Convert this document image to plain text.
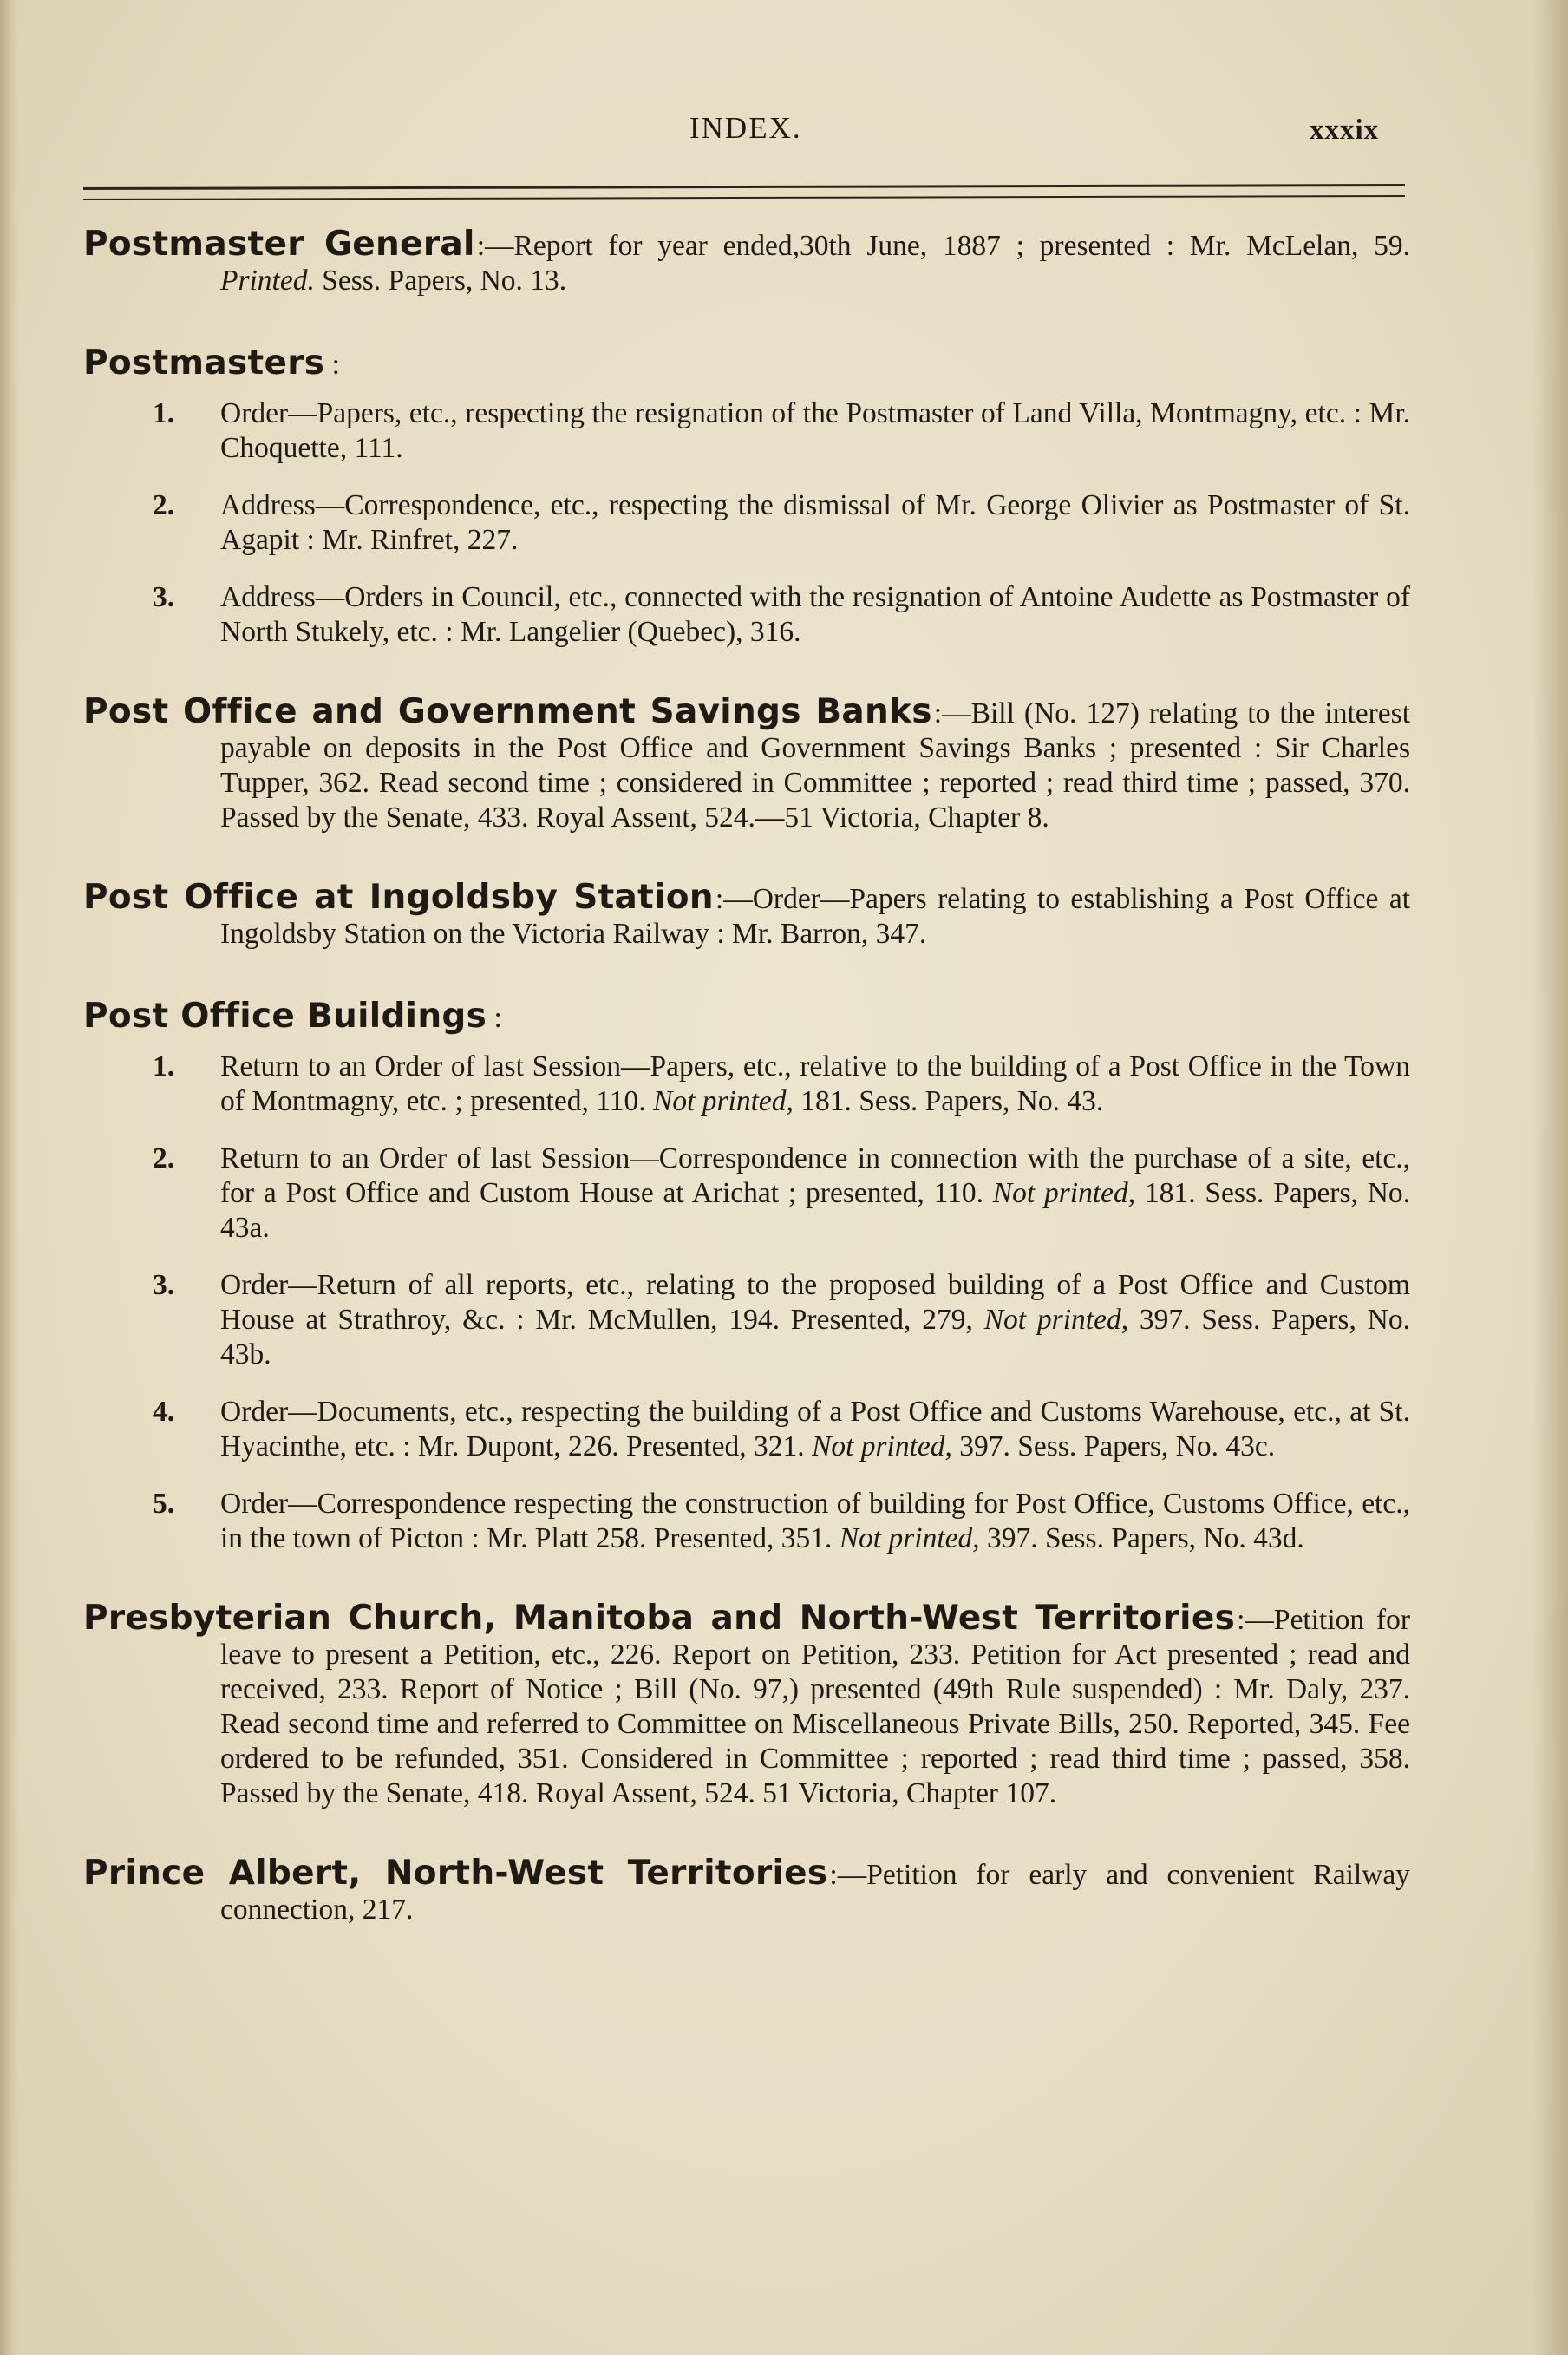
INDEX.	xxxix

Postmaster General:—Report for year ended,30th June, 1887 ; presented : Mr. McLelan, 59. Printed. Sess. Papers, No. 13.

Postmasters :
1. Order—Papers, etc., respecting the resignation of the Postmaster of Land Villa, Montmagny, etc. : Mr. Choquette, 111.
2. Address—Correspondence, etc., respecting the dismissal of Mr. George Olivier as Postmaster of St. Agapit : Mr. Rinfret, 227.
3. Address—Orders in Council, etc., connected with the resignation of Antoine Audette as Postmaster of North Stukely, etc. : Mr. Langelier (Quebec), 316.

Post Office and Government Savings Banks:—Bill (No. 127) relating to the interest payable on deposits in the Post Office and Government Savings Banks ; presented : Sir Charles Tupper, 362. Read second time ; considered in Committee ; reported ; read third time ; passed, 370. Passed by the Senate, 433. Royal Assent, 524.—51 Victoria, Chapter 8.

Post Office at Ingoldsby Station:—Order—Papers relating to establishing a Post Office at Ingoldsby Station on the Victoria Railway : Mr. Barron, 347.

Post Office Buildings :
1. Return to an Order of last Session—Papers, etc., relative to the building of a Post Office in the Town of Montmagny, etc. ; presented, 110. Not printed, 181. Sess. Papers, No. 43.
2. Return to an Order of last Session—Correspondence in connection with the purchase of a site, etc., for a Post Office and Custom House at Arichat ; presented, 110. Not printed, 181. Sess. Papers, No. 43a.
3. Order—Return of all reports, etc., relating to the proposed building of a Post Office and Custom House at Strathroy, &c. : Mr. McMullen, 194. Presented, 279, Not printed, 397. Sess. Papers, No. 43b.
4. Order—Documents, etc., respecting the building of a Post Office and Customs Warehouse, etc., at St. Hyacinthe, etc. : Mr. Dupont, 226. Presented, 321. Not printed, 397. Sess. Papers, No. 43c.
5. Order—Correspondence respecting the construction of building for Post Office, Customs Office, etc., in the town of Picton : Mr. Platt 258. Presented, 351. Not printed, 397. Sess. Papers, No. 43d.

Presbyterian Church, Manitoba and North-West Territories:—Petition for leave to present a Petition, etc., 226. Report on Petition, 233. Petition for Act presented ; read and received, 233. Report of Notice ; Bill (No. 97,) presented (49th Rule suspended) : Mr. Daly, 237. Read second time and referred to Committee on Miscellaneous Private Bills, 250. Reported, 345. Fee ordered to be refunded, 351. Considered in Committee ; reported ; read third time ; passed, 358. Passed by the Senate, 418. Royal Assent, 524. 51 Victoria, Chapter 107.

Prince Albert, North-West Territories:—Petition for early and convenient Railway connection, 217.
